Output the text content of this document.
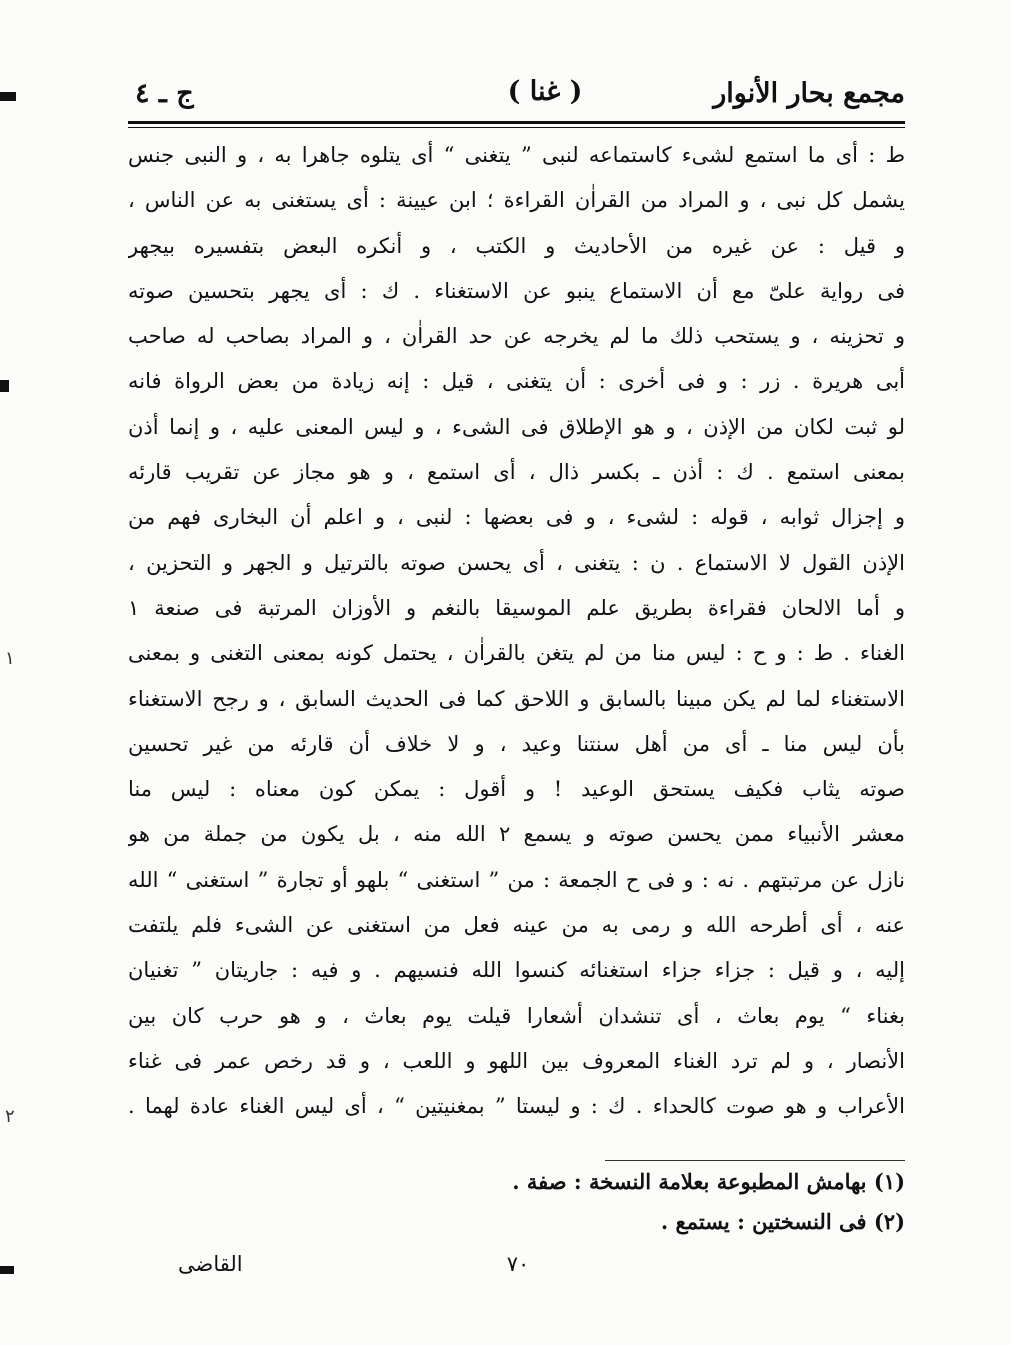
١
٢
مجمع بحار الأنوار
( غنا )
ج ـ ٤
ط : أى ما استمع لشىء كاستماعه لنبى ” يتغنى “ أى يتلوه جاهرا به ، و النبى جنس
يشمل كل نبى ، و المراد من القراٰن القراءة ؛ ابن عيينة : أى يستغنى به عن الناس ،
و قيل : عن غيره من الأحاديث و الكتب ، و أنكره البعض بتفسيره بيجهر
فى رواية علىّ مع أن الاستماع ينبو عن الاستغناء . ك : أى يجهر بتحسين صوته
و تحزينه ، و يستحب ذلك ما لم يخرجه عن حد القراٰن ، و المراد بصاحب له صاحب
أبى هريرة . زر : و فى أخرى : أن يتغنى ، قيل : إنه زيادة من بعض الرواة فانه
لو ثبت لكان من الإذن ، و هو الإطلاق فى الشىء ، و ليس المعنى عليه ، و إنما أذن
بمعنى استمع . ك : أذن ـ بكسر ذال ، أى استمع ، و هو مجاز عن تقريب قارئه
و إجزال ثوابه ، قوله : لشىء ، و فى بعضها : لنبى ، و اعلم أن البخارى فهم من
الإذن القول لا الاستماع . ن : يتغنى ، أى يحسن صوته بالترتيل و الجهر و التحزين ،
و أما الالحان فقراءة بطريق علم الموسيقا بالنغم و الأوزان المرتبة فى صنعة ١
الغناء . ط : و ح : ليس منا من لم يتغن بالقراٰن ، يحتمل كونه بمعنى التغنى و بمعنى
الاستغناء لما لم يكن مبينا بالسابق و اللاحق كما فى الحديث السابق ، و رجح الاستغناء
بأن ليس منا ـ أى من أهل سنتنا وعيد ، و لا خلاف أن قارئه من غير تحسين
صوته يثاب فكيف يستحق الوعيد ! و أقول : يمكن كون معناه : ليس منا
معشر الأنبياء ممن يحسن صوته و يسمع ٢ الله منه ، بل يكون من جملة من هو
نازل عن مرتبتهم . نه : و فى ح الجمعة : من ” استغنى “ بلهو أو تجارة ” استغنى “ الله
عنه ، أى أطرحه الله و رمى به من عينه فعل من استغنى عن الشىء فلم يلتفت
إليه ، و قيل : جزاء جزاء استغنائه كنسوا الله فنسيهم . و فيه : جاريتان ” تغنيان
بغناء “ يوم بعاث ، أى تنشدان أشعارا قيلت يوم بعاث ، و هو حرب كان بين
الأنصار ، و لم ترد الغناء المعروف بين اللهو و اللعب ، و قد رخص عمر فى غناء
الأعراب و هو صوت كالحداء . ك : و ليستا ” بمغنيتين “ ، أى ليس الغناء عادة لهما .
(١) بهامش المطبوعة بعلامة النسخة : صفة .
(٢) فى النسختين : يستمع .
٧٠
القاضى
